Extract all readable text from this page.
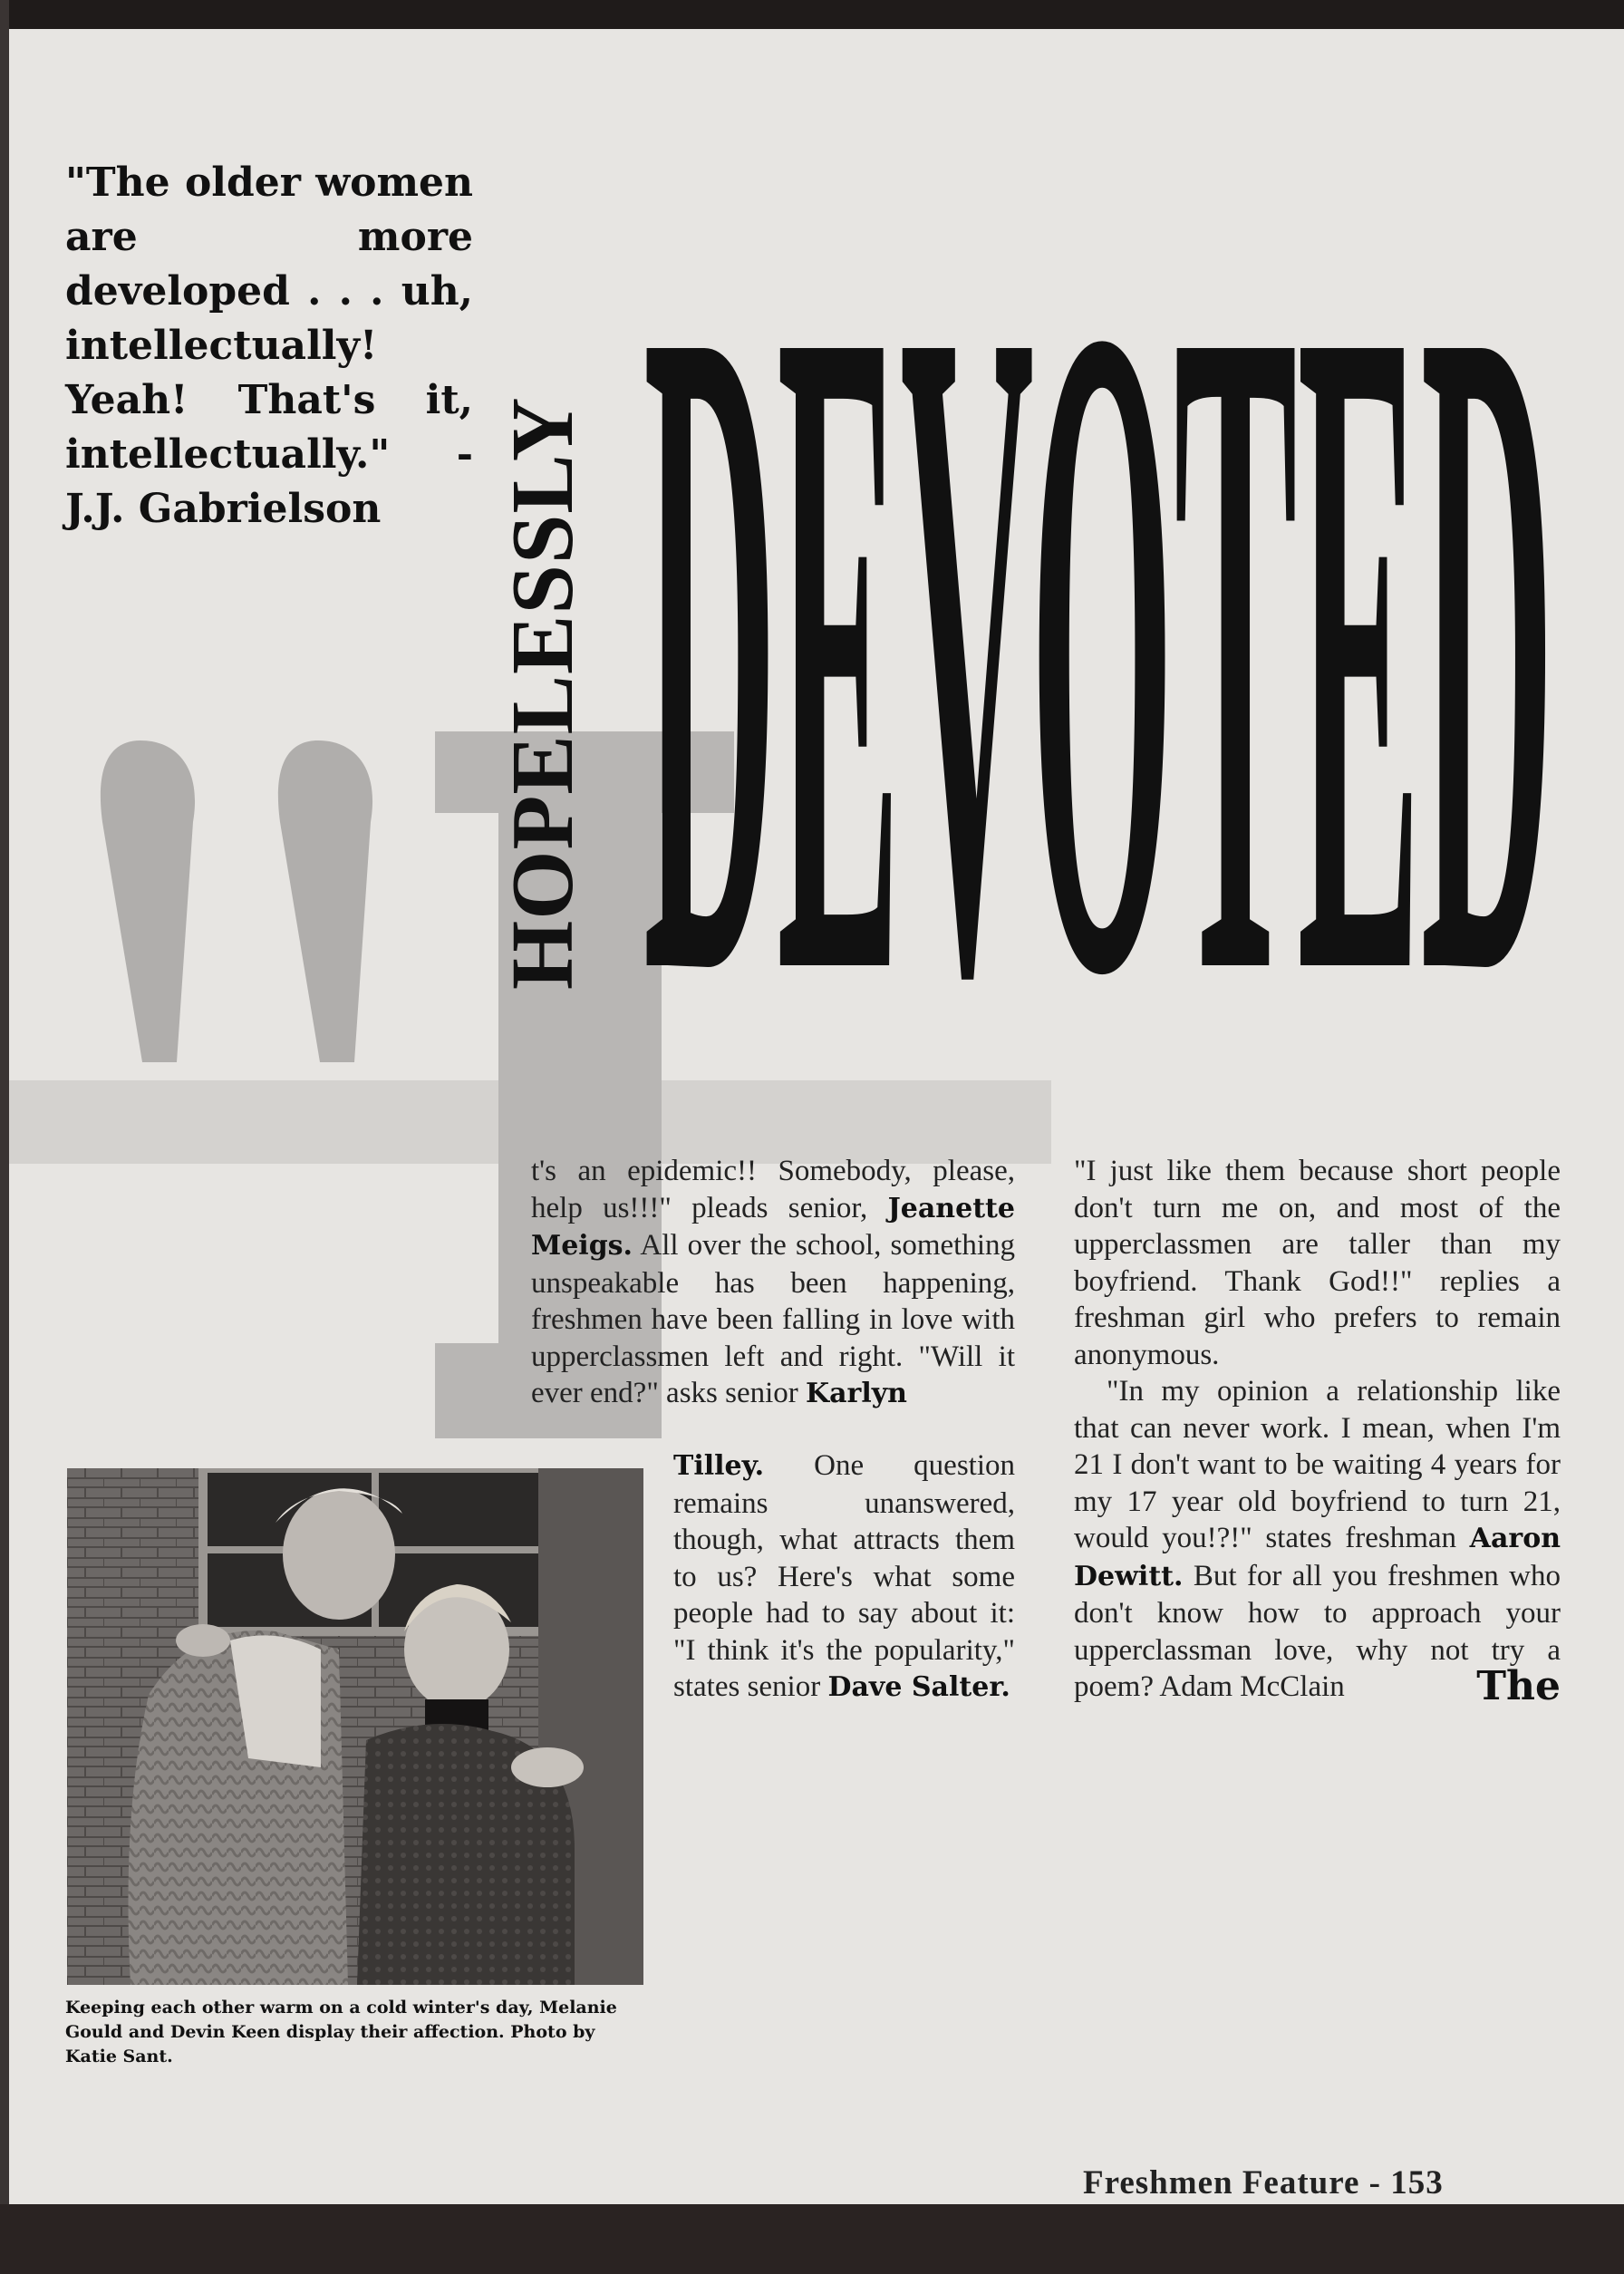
"The older women are more developed . . . uh, intellectually! Yeah! That's it, intellectually." - J.J. Gabrielson	HOPELESSLY DEVOTED

t's an epidemic!! Somebody, please, help us!!!" pleads senior, Jeanette Meigs. All over the school, something unspeakable has been happening, freshmen have been falling in love with upperclassmen left and right. "Will it ever end?" asks senior Karlyn

Tilley. One question remains unanswered, though, what attracts them to us? Here's what some people had to say about it: "I think it's the popularity," states senior Dave Salter.

"I just like them because short people don't turn me on, and most of the upperclassmen are taller than my boyfriend. Thank God!!" replies a freshman girl who prefers to remain anonymous.

"In my opinion a relationship like that can never work. I mean, when I'm 21 I don't want to be waiting 4 years for my 17 year old boyfriend to turn 21, would you!?!" states freshman Aaron Dewitt. But for all you freshmen who don't know how to approach your upperclassman love, why not try a poem? Adam McClain	The

Keeping each other warm on a cold winter's day, Melanie Gould and Devin Keen display their affection. Photo by Katie Sant.

Freshmen Feature - 153
